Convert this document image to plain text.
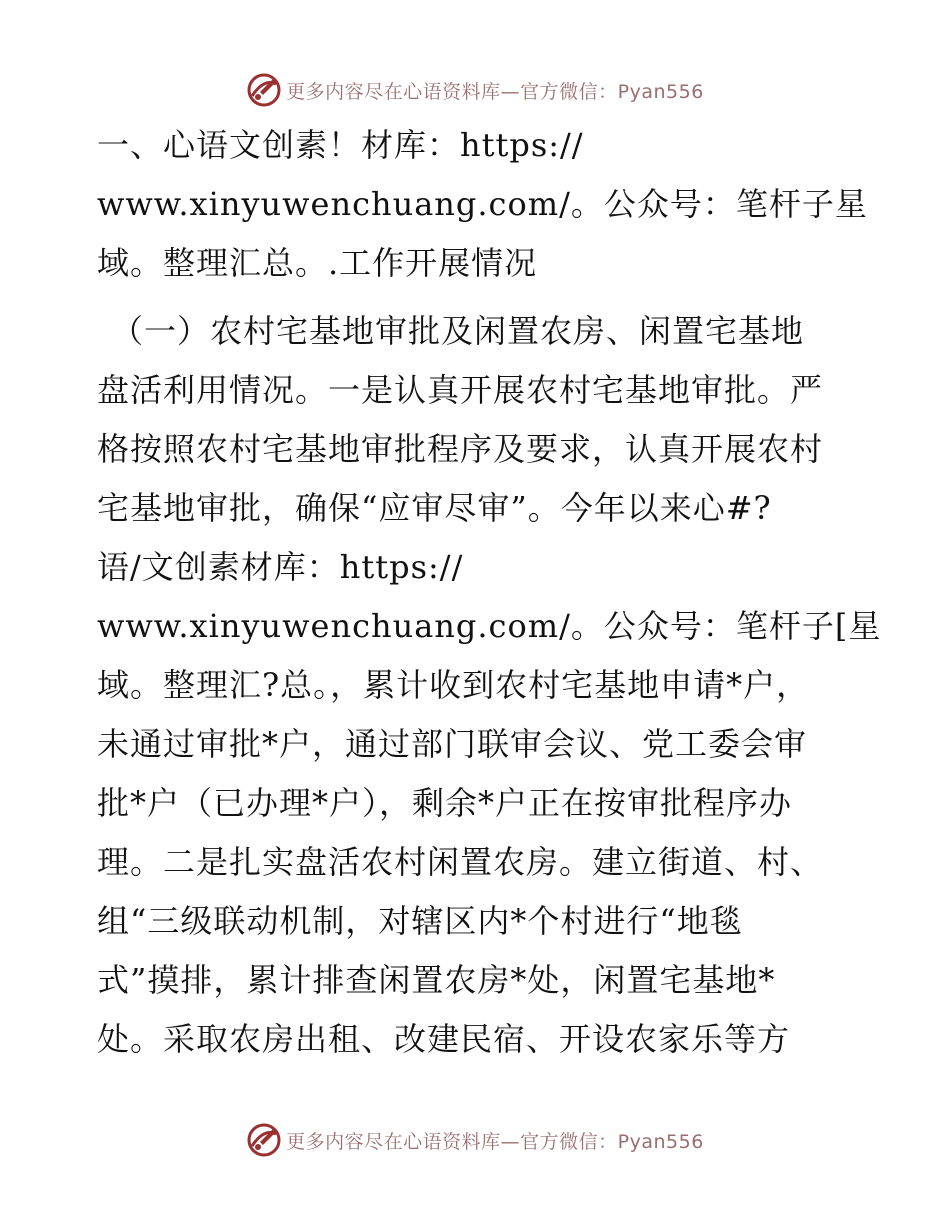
更多内容尽在心语资料库—官方微信：Pyan556

一、心语文创素！材库：https://
www.xinyuwenchuang.com/。公众号：笔杆子星
域。整理汇总。.工作开展情况

（一）农村宅基地审批及闲置农房、闲置宅基地
盘活利用情况。一是认真开展农村宅基地审批。严
格按照农村宅基地审批程序及要求，认真开展农村
宅基地审批，确保“应审尽审”。今年以来心#?
语/文创素材库：https://
www.xinyuwenchuang.com/。公众号：笔杆子[星
域。整理汇?总。，累计收到农村宅基地申请*户，
未通过审批*户，通过部门联审会议、党工委会审
批*户（已办理*户），剩余*户正在按审批程序办
理。二是扎实盘活农村闲置农房。建立街道、村、
组“三级联动机制，对辖区内*个村进行“地毯
式”摸排，累计排查闲置农房*处，闲置宅基地*
处。采取农房出租、改建民宿、开设农家乐等方

更多内容尽在心语资料库—官方微信：Pyan556
